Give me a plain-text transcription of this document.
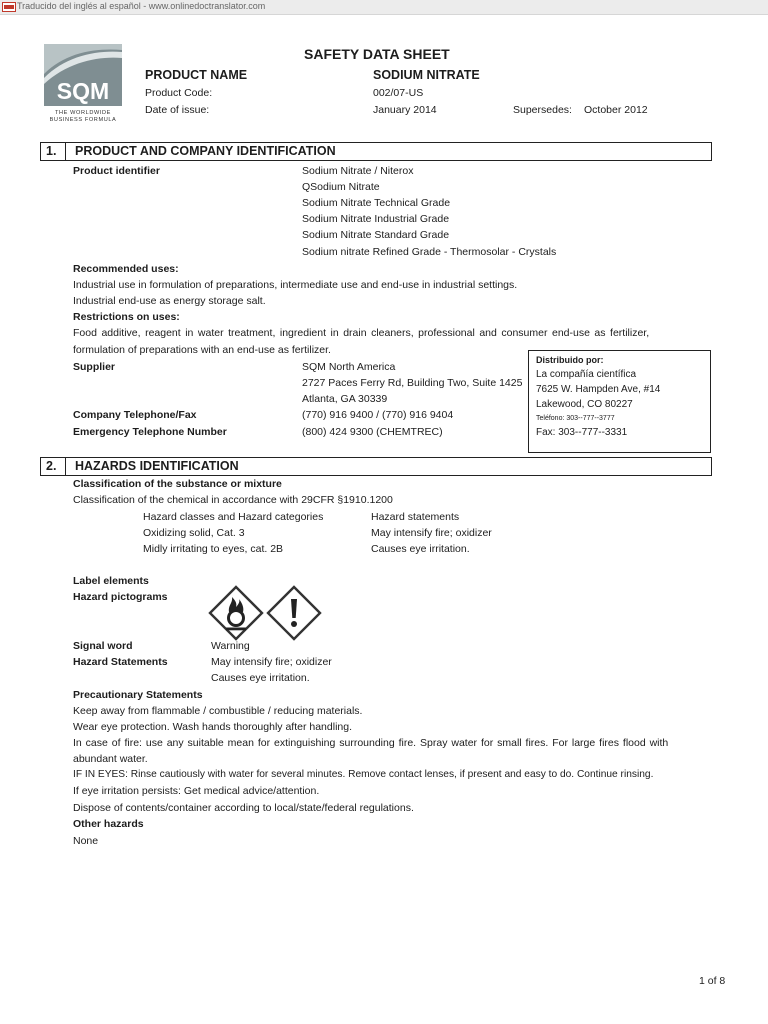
Traducido del inglés al español - www.onlinedoctranslator.com
SQM
THE WORLDWIDE
BUSINESS FORMULA
SAFETY DATA SHEET
PRODUCT NAME	SODIUM NITRATE
Product Code:	002/07-US
Date of issue:	January 2014	Supersedes: October 2012
1. PRODUCT AND COMPANY IDENTIFICATION
Product identifier	Sodium Nitrate / Niterox
QSodium Nitrate
Sodium Nitrate Technical Grade
Sodium Nitrate Industrial Grade
Sodium Nitrate Standard Grade
Sodium nitrate Refined Grade - Thermosolar - Crystals
Recommended uses:
Industrial use in formulation of preparations, intermediate use and end-use in industrial settings.
Industrial end-use as energy storage salt.
Restrictions on uses:
Food additive, reagent in water treatment, ingredient in drain cleaners, professional and consumer end-use as fertilizer,
formulation of preparations with an end-use as fertilizer.
Supplier	SQM North America
2727 Paces Ferry Rd, Building Two, Suite 1425
Atlanta, GA 30339
Company Telephone/Fax	(770) 916 9400 / (770) 916 9404
Emergency Telephone Number	(800) 424 9300 (CHEMTREC)
Distribuido por:
La compañía científica
7625 W. Hampden Ave, #14
Lakewood, CO 80227
Teléfono: 303--777--3777
Fax: 303--777--3331
2. HAZARDS IDENTIFICATION
Classification of the substance or mixture
Classification of the chemical in accordance with 29CFR §1910.1200
Hazard classes and Hazard categories	Hazard statements
Oxidizing solid, Cat. 3	May intensify fire; oxidizer
Midly irritating to eyes, cat. 2B	Causes eye irritation.
Label elements
Hazard pictograms
Signal word	Warning
Hazard Statements	May intensify fire; oxidizer
Causes eye irritation.
Precautionary Statements
Keep away from flammable / combustible / reducing materials.
Wear eye protection. Wash hands thoroughly after handling.
In case of fire: use any suitable mean for extinguishing surrounding fire. Spray water for small fires. For large fires flood with
abundant water.
IF IN EYES: Rinse cautiously with water for several minutes. Remove contact lenses, if present and easy to do. Continue rinsing.
If eye irritation persists: Get medical advice/attention.
Dispose of contents/container according to local/state/federal regulations.
Other hazards
None
1 of 8
